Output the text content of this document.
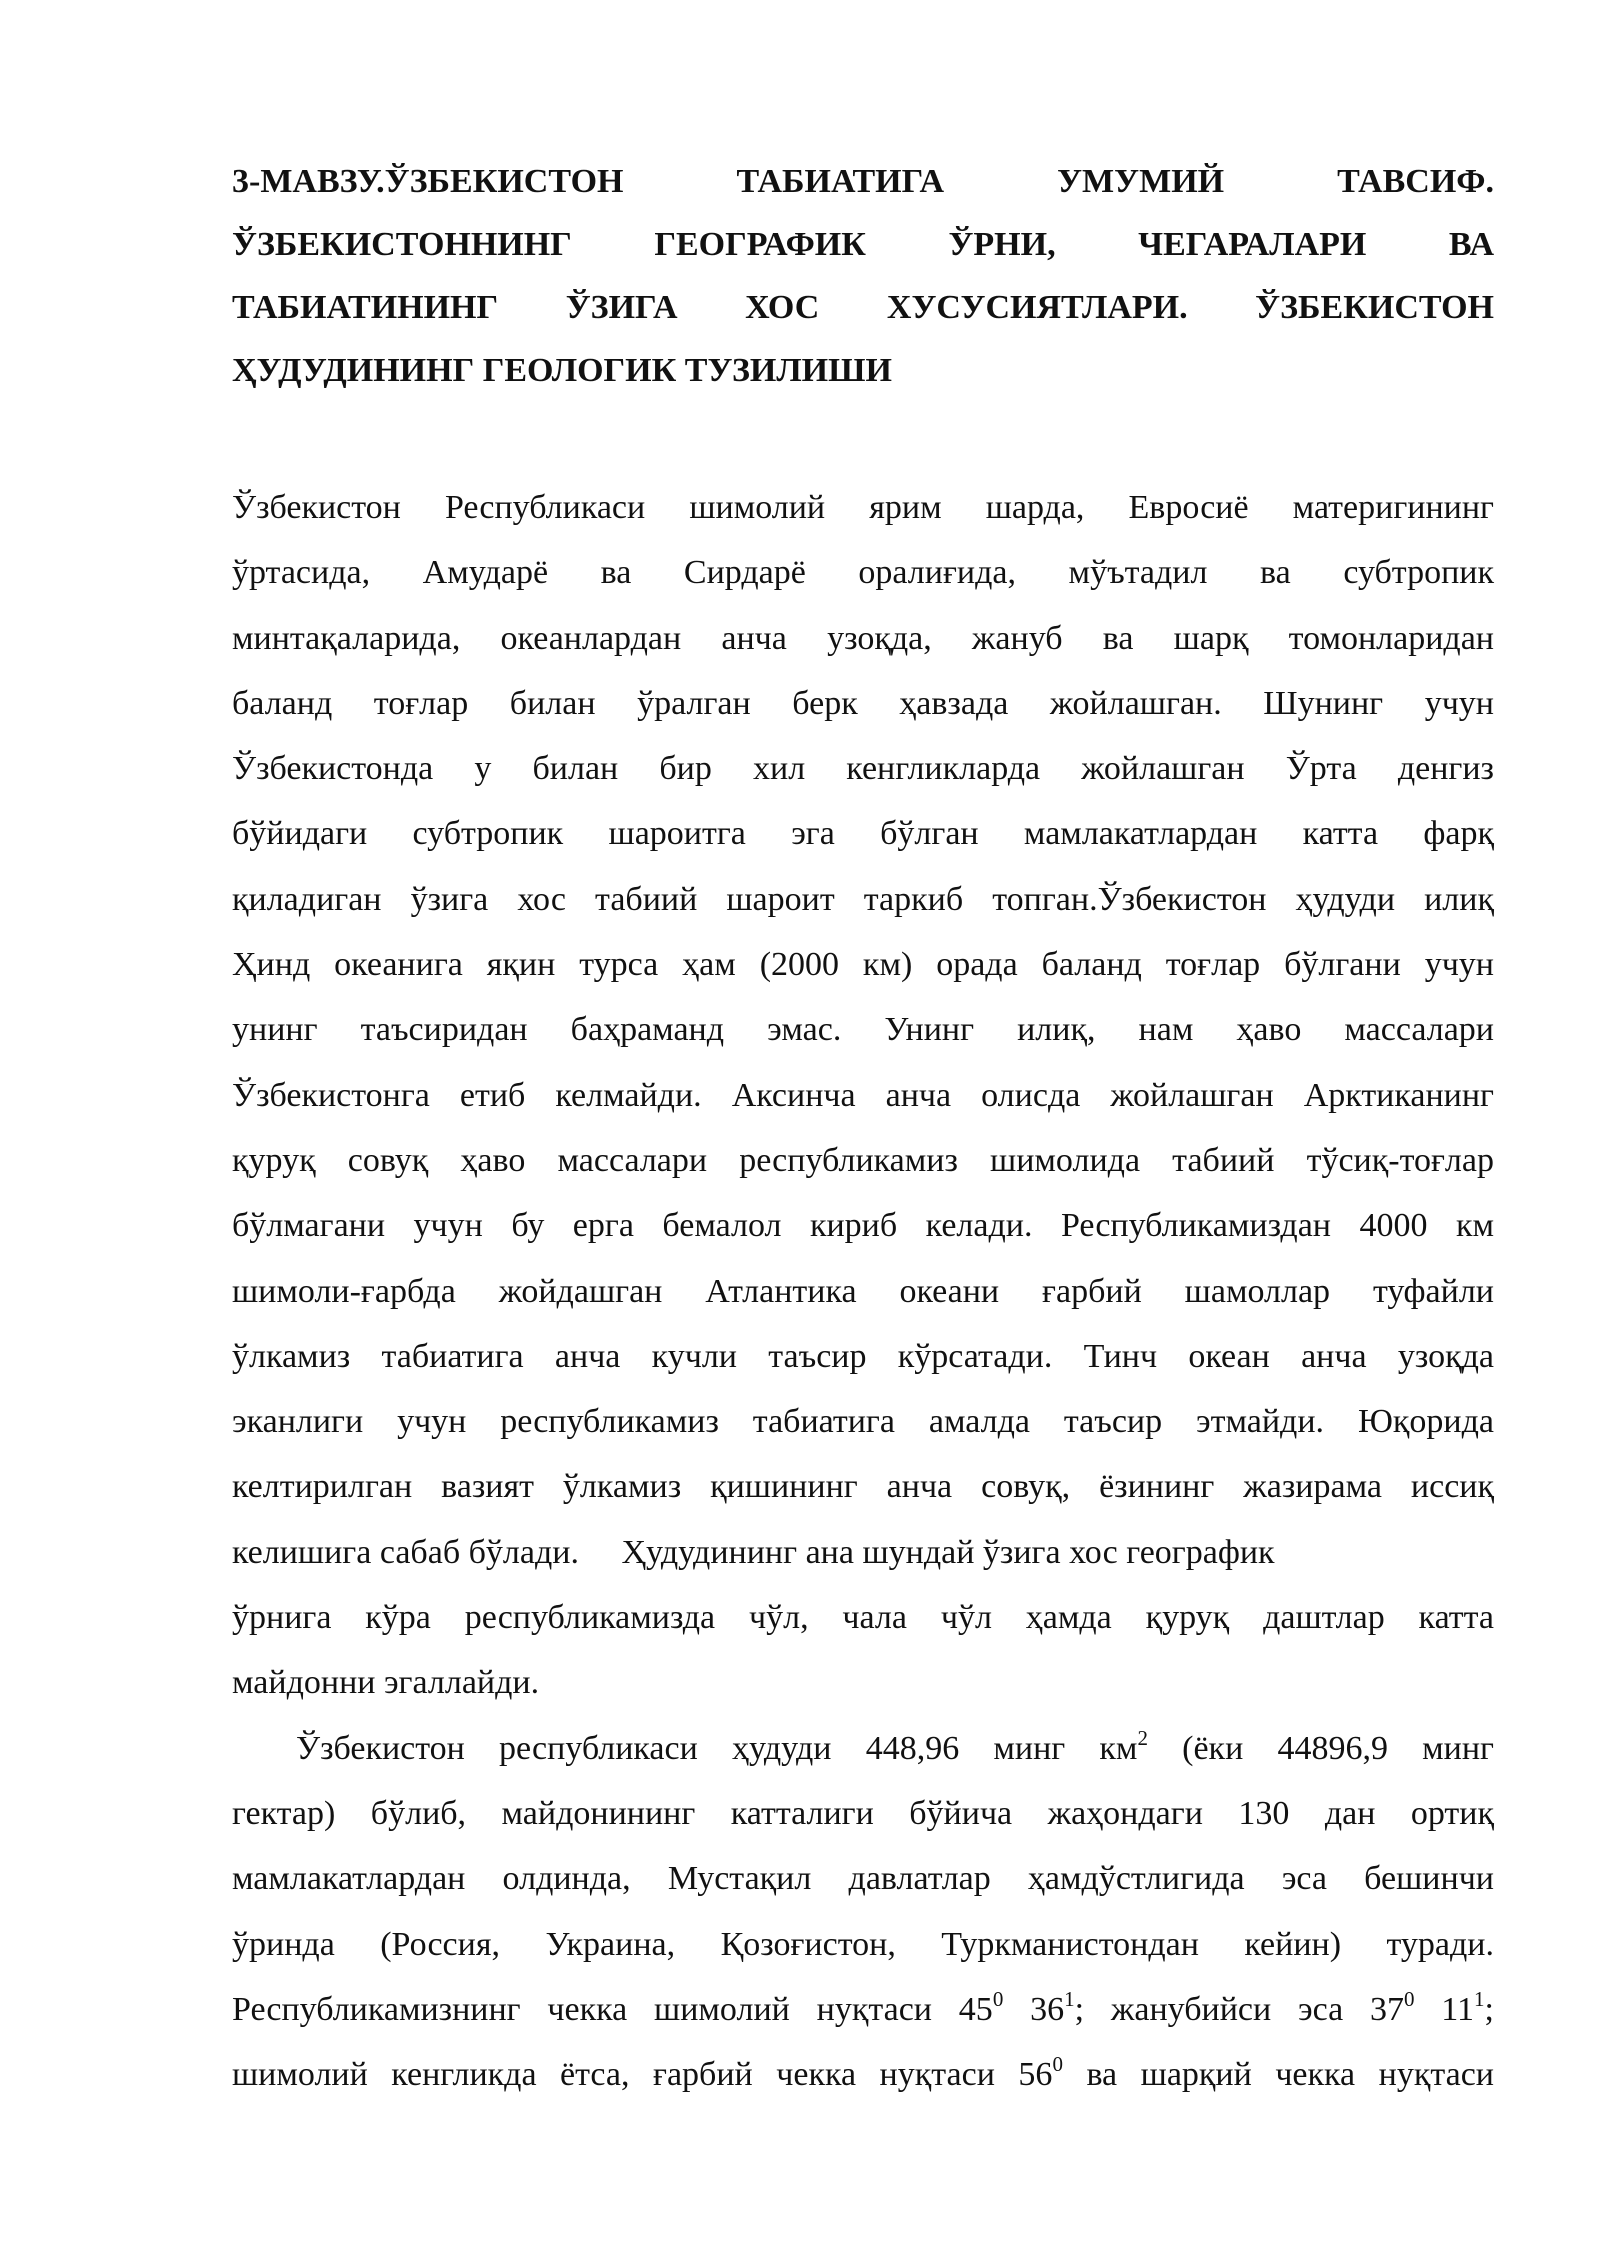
3-МАВЗУ.ЎЗБЕКИСТОН ТАБИАТИГА УМУМИЙ ТАВСИФ.
ЎЗБЕКИСТОННИНГ ГЕОГРАФИК ЎРНИ, ЧЕГАРАЛАРИ ВА
ТАБИАТИНИНГ ЎЗИГА ХОС ХУСУСИЯТЛАРИ. ЎЗБЕКИСТОН
ҲУДУДИНИНГ ГЕОЛОГИК ТУЗИЛИШИ
Ўзбекистон Республикаси шимолий ярим шарда, Евросиё материгининг
ўртасида, Амударё ва Сирдарё оралиғида, мўътадил ва субтропик
минтақаларида, океанлардан анча узоқда, жануб ва шарқ томонларидан
баланд тоғлар билан ўралган берк ҳавзада жойлашган. Шунинг учун
Ўзбекистонда у билан бир хил кенгликларда жойлашган Ўрта денгиз
бўйидаги субтропик шароитга эга бўлган мамлакатлардан катта фарқ
қиладиган ўзига хос табиий шароит таркиб топган.Ўзбекистон ҳудуди илиқ
Ҳинд океанига яқин турса ҳам (2000 км) орада баланд тоғлар бўлгани учун
унинг таъсиридан баҳраманд эмас. Унинг илиқ, нам ҳаво массалари
Ўзбекистонга етиб келмайди. Аксинча анча олисда жойлашган Арктиканинг
қуруқ совуқ ҳаво массалари республикамиз шимолида табиий тўсиқ-тоғлар
бўлмагани учун бу ерга бемалол кириб келади. Республикамиздан 4000 км
шимоли-ғарбда жойдашган Атлантика океани ғарбий шамоллар туфайли
ўлкамиз табиатига анча кучли таъсир кўрсатади. Тинч океан анча узоқда
эканлиги учун республикамиз табиатига амалда таъсир этмайди. Юқорида
келтирилган вазият ўлкамиз қишининг анча совуқ, ёзининг жазирама иссиқ
келишига сабаб бўлади.     Ҳудудининг ана шундай ўзига хос географик
ўрнига кўра республикамизда чўл, чала чўл ҳамда қуруқ даштлар катта
майдонни эгаллайди.
Ўзбекистон республикаси ҳудуди 448,96 минг $км^2$ (ёки 44896,9 минг
гектар) бўлиб, майдонининг катталиги бўйича жаҳондаги 130 дан ортиқ
мамлакатлардан олдинда, Мустақил давлатлар ҳамдўстлигида эса бешинчи
ўринда (Россия, Украина, Қозоғистон, Туркманистондан кейин) туради.
Республикамизнинг чекка шимолий нуқтаси $45^0$ $36^1$; жанубийси эса $37^0$ $11^1$;
шимолий кенгликда ётса, ғарбий чекка нуқтаси $56^0$ ва шарқий чекка нуқтаси
